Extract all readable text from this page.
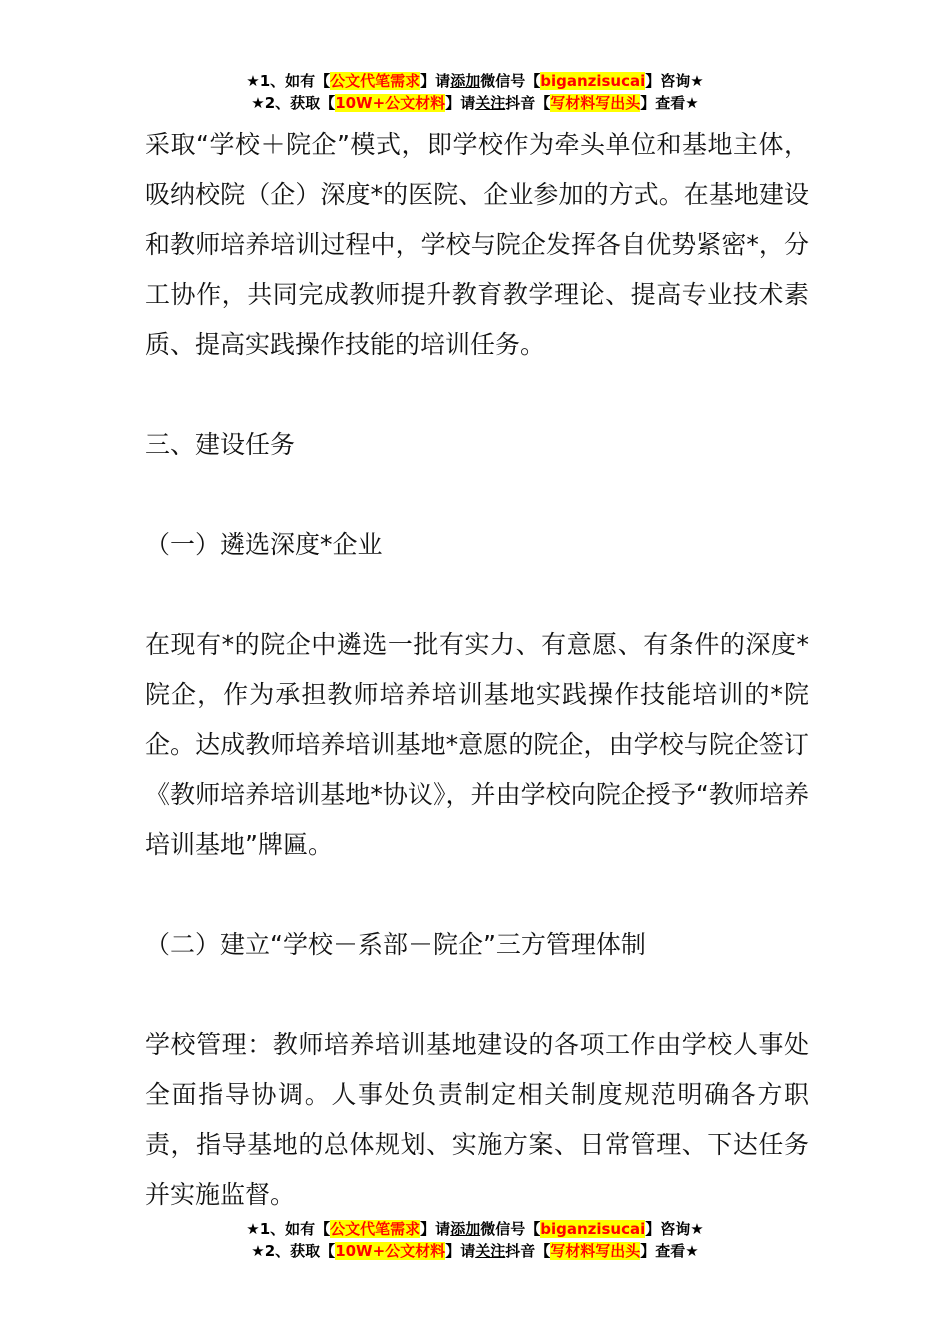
★1、如有【公文代笔需求】请添加微信号【biganzisucai】咨询★
★2、获取【10W+公文材料】请关注抖音【写材料写出头】查看★

采取“学校＋院企”模式，即学校作为牵头单位和基地主体，吸纳校院（企）深度*的医院、企业参加的方式。在基地建设和教师培养培训过程中，学校与院企发挥各自优势紧密*，分工协作，共同完成教师提升教育教学理论、提高专业技术素质、提高实践操作技能的培训任务。

三、建设任务

（一）遴选深度*企业

在现有*的院企中遴选一批有实力、有意愿、有条件的深度*院企，作为承担教师培养培训基地实践操作技能培训的*院企。达成教师培养培训基地*意愿的院企，由学校与院企签订《教师培养培训基地*协议》，并由学校向院企授予“教师培养培训基地”牌匾。

（二）建立“学校－系部－院企”三方管理体制

学校管理：教师培养培训基地建设的各项工作由学校人事处全面指导协调。人事处负责制定相关制度规范明确各方职责，指导基地的总体规划、实施方案、日常管理、下达任务并实施监督。

★1、如有【公文代笔需求】请添加微信号【biganzisucai】咨询★
★2、获取【10W+公文材料】请关注抖音【写材料写出头】查看★
